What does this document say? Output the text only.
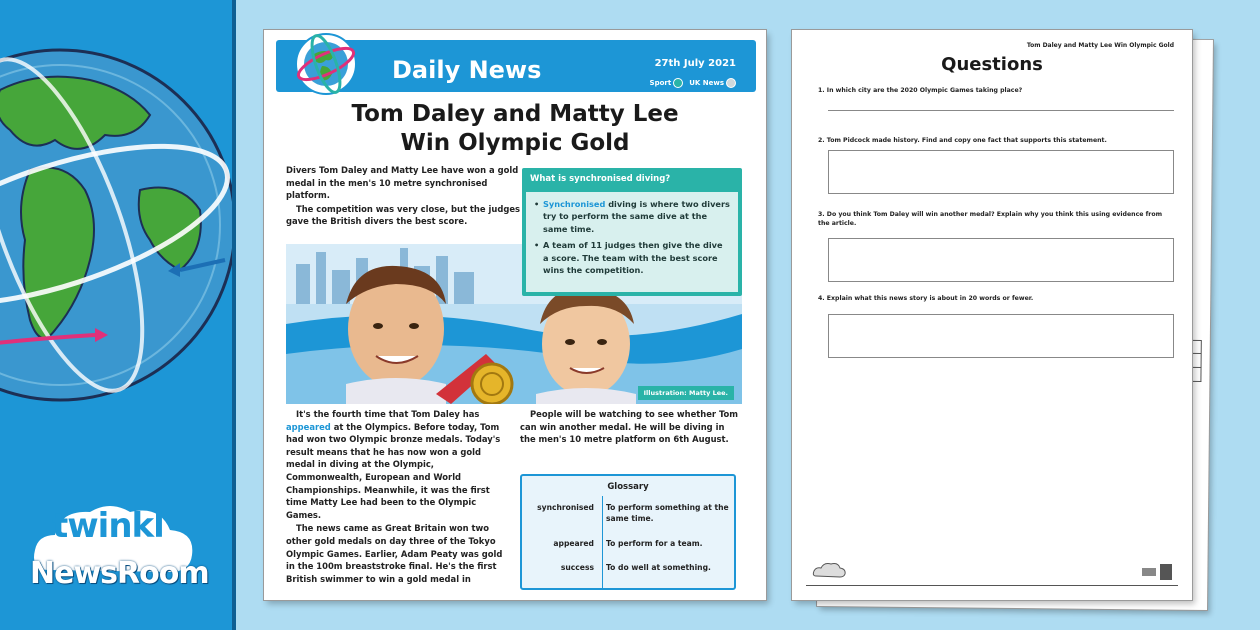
twinkl
NewsRoom
Daily News	27th July 2021
Sport	UK News
Tom Daley and Matty Lee
Win Olympic Gold

Divers Tom Daley and Matty Lee have won a gold medal in the men's 10 metre synchronised platform.

The competition was very close, but the judges gave the British divers the best score.

Illustration: Matty Lee.
What is synchronised diving?
• Synchronised diving is where two divers try to perform the same dive at the same time.
• A team of 11 judges then give the dive a score. The team with the best score wins the competition.

It's the fourth time that Tom Daley has appeared at the Olympics. Before today, Tom had won two Olympic bronze medals. Today's result means that he has now won a gold medal in diving at the Olympic, Commonwealth, European and World Championships. Meanwhile, it was the first time Matty Lee had been to the Olympic Games.

The news came as Great Britain won two other gold medals on day three of the Tokyo Olympic Games. Earlier, Adam Peaty was gold in the 100m breaststroke final. He's the first British swimmer to win a gold medal in

People will be watching to see whether Tom can win another medal. He will be diving in the men's 10 metre platform on 6th August.

Glossary
synchronised To perform something at the same time.
appeared To perform for a team.
success To do well at something.
Tom Daley and Matty Lee Win Olympic Gold
Questions
1. In which city are the 2020 Olympic Games taking place?
2. Tom Pidcock made history. Find and copy one fact that supports this statement.
3. Do you think Tom Daley will win another medal? Explain why you think this using evidence from the article.
4. Explain what this news story is about in 20 words or fewer.
